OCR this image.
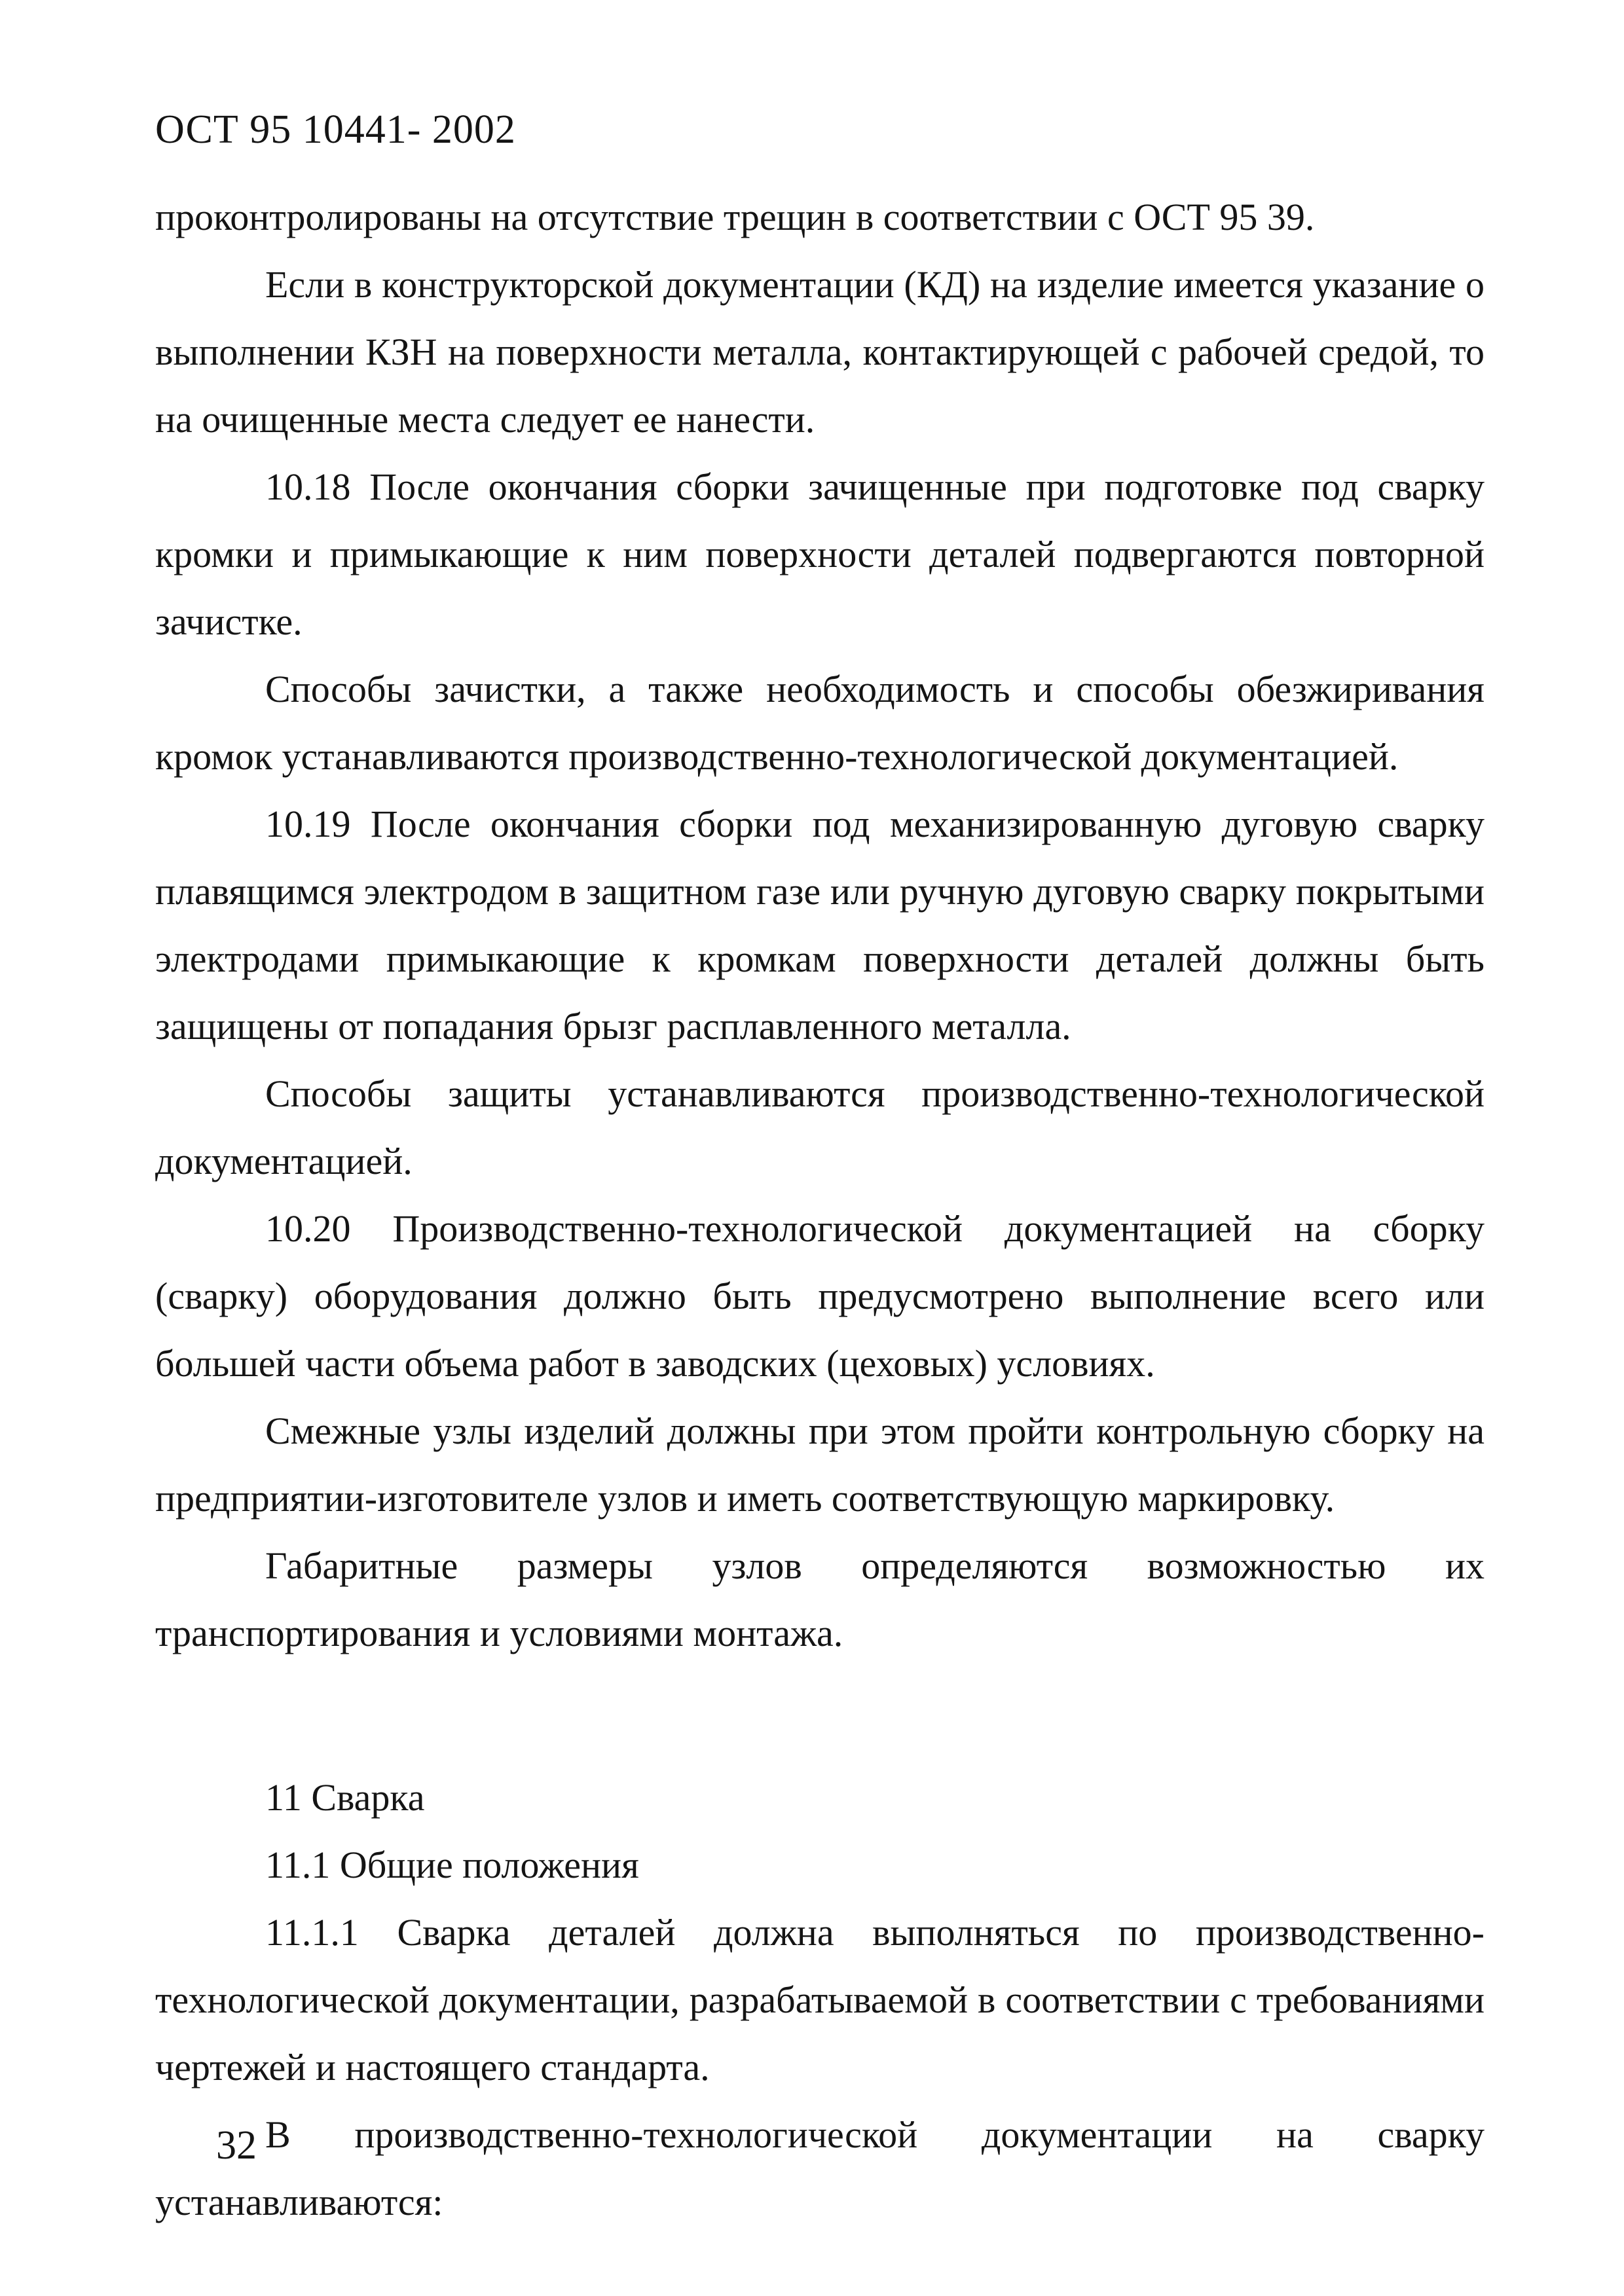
ОСТ 95 10441- 2002

проконтролированы на отсутствие трещин в соответствии с ОСТ 95 39.

Если в конструкторской документации (КД) на изделие имеется указание о выполнении КЗН на поверхности металла, контактирующей с рабочей средой, то на очищенные места следует ее нанести.

10.18 После окончания сборки зачищенные при подготовке под сварку кромки и примыкающие к ним поверхности деталей подвергаются повторной зачистке.

Способы зачистки, а также необходимость и способы обезжиривания кромок устанавливаются производственно-технологической документацией.

10.19 После окончания сборки под механизированную дуговую сварку плавящимся электродом в защитном газе или ручную дуговую сварку покрытыми электродами примыкающие к кромкам поверхности деталей должны быть защищены от попадания брызг расплавленного металла.

Способы защиты устанавливаются производственно-технологической документацией.

10.20 Производственно-технологической документацией на сборку (сварку) оборудования должно быть предусмотрено выполнение всего или большей части объема работ в заводских (цеховых) условиях.

Смежные узлы изделий должны при этом пройти контрольную сборку на предприятии-изготовителе узлов и иметь соответствующую маркировку.

Габаритные размеры узлов определяются возможностью их транспортирования и условиями монтажа.

11 Сварка

11.1 Общие положения

11.1.1 Сварка деталей должна выполняться по производственно-технологической документации, разрабатываемой в соответствии с требованиями чертежей и настоящего стандарта.

В производственно-технологической документации на сварку устанавливаются:

32
